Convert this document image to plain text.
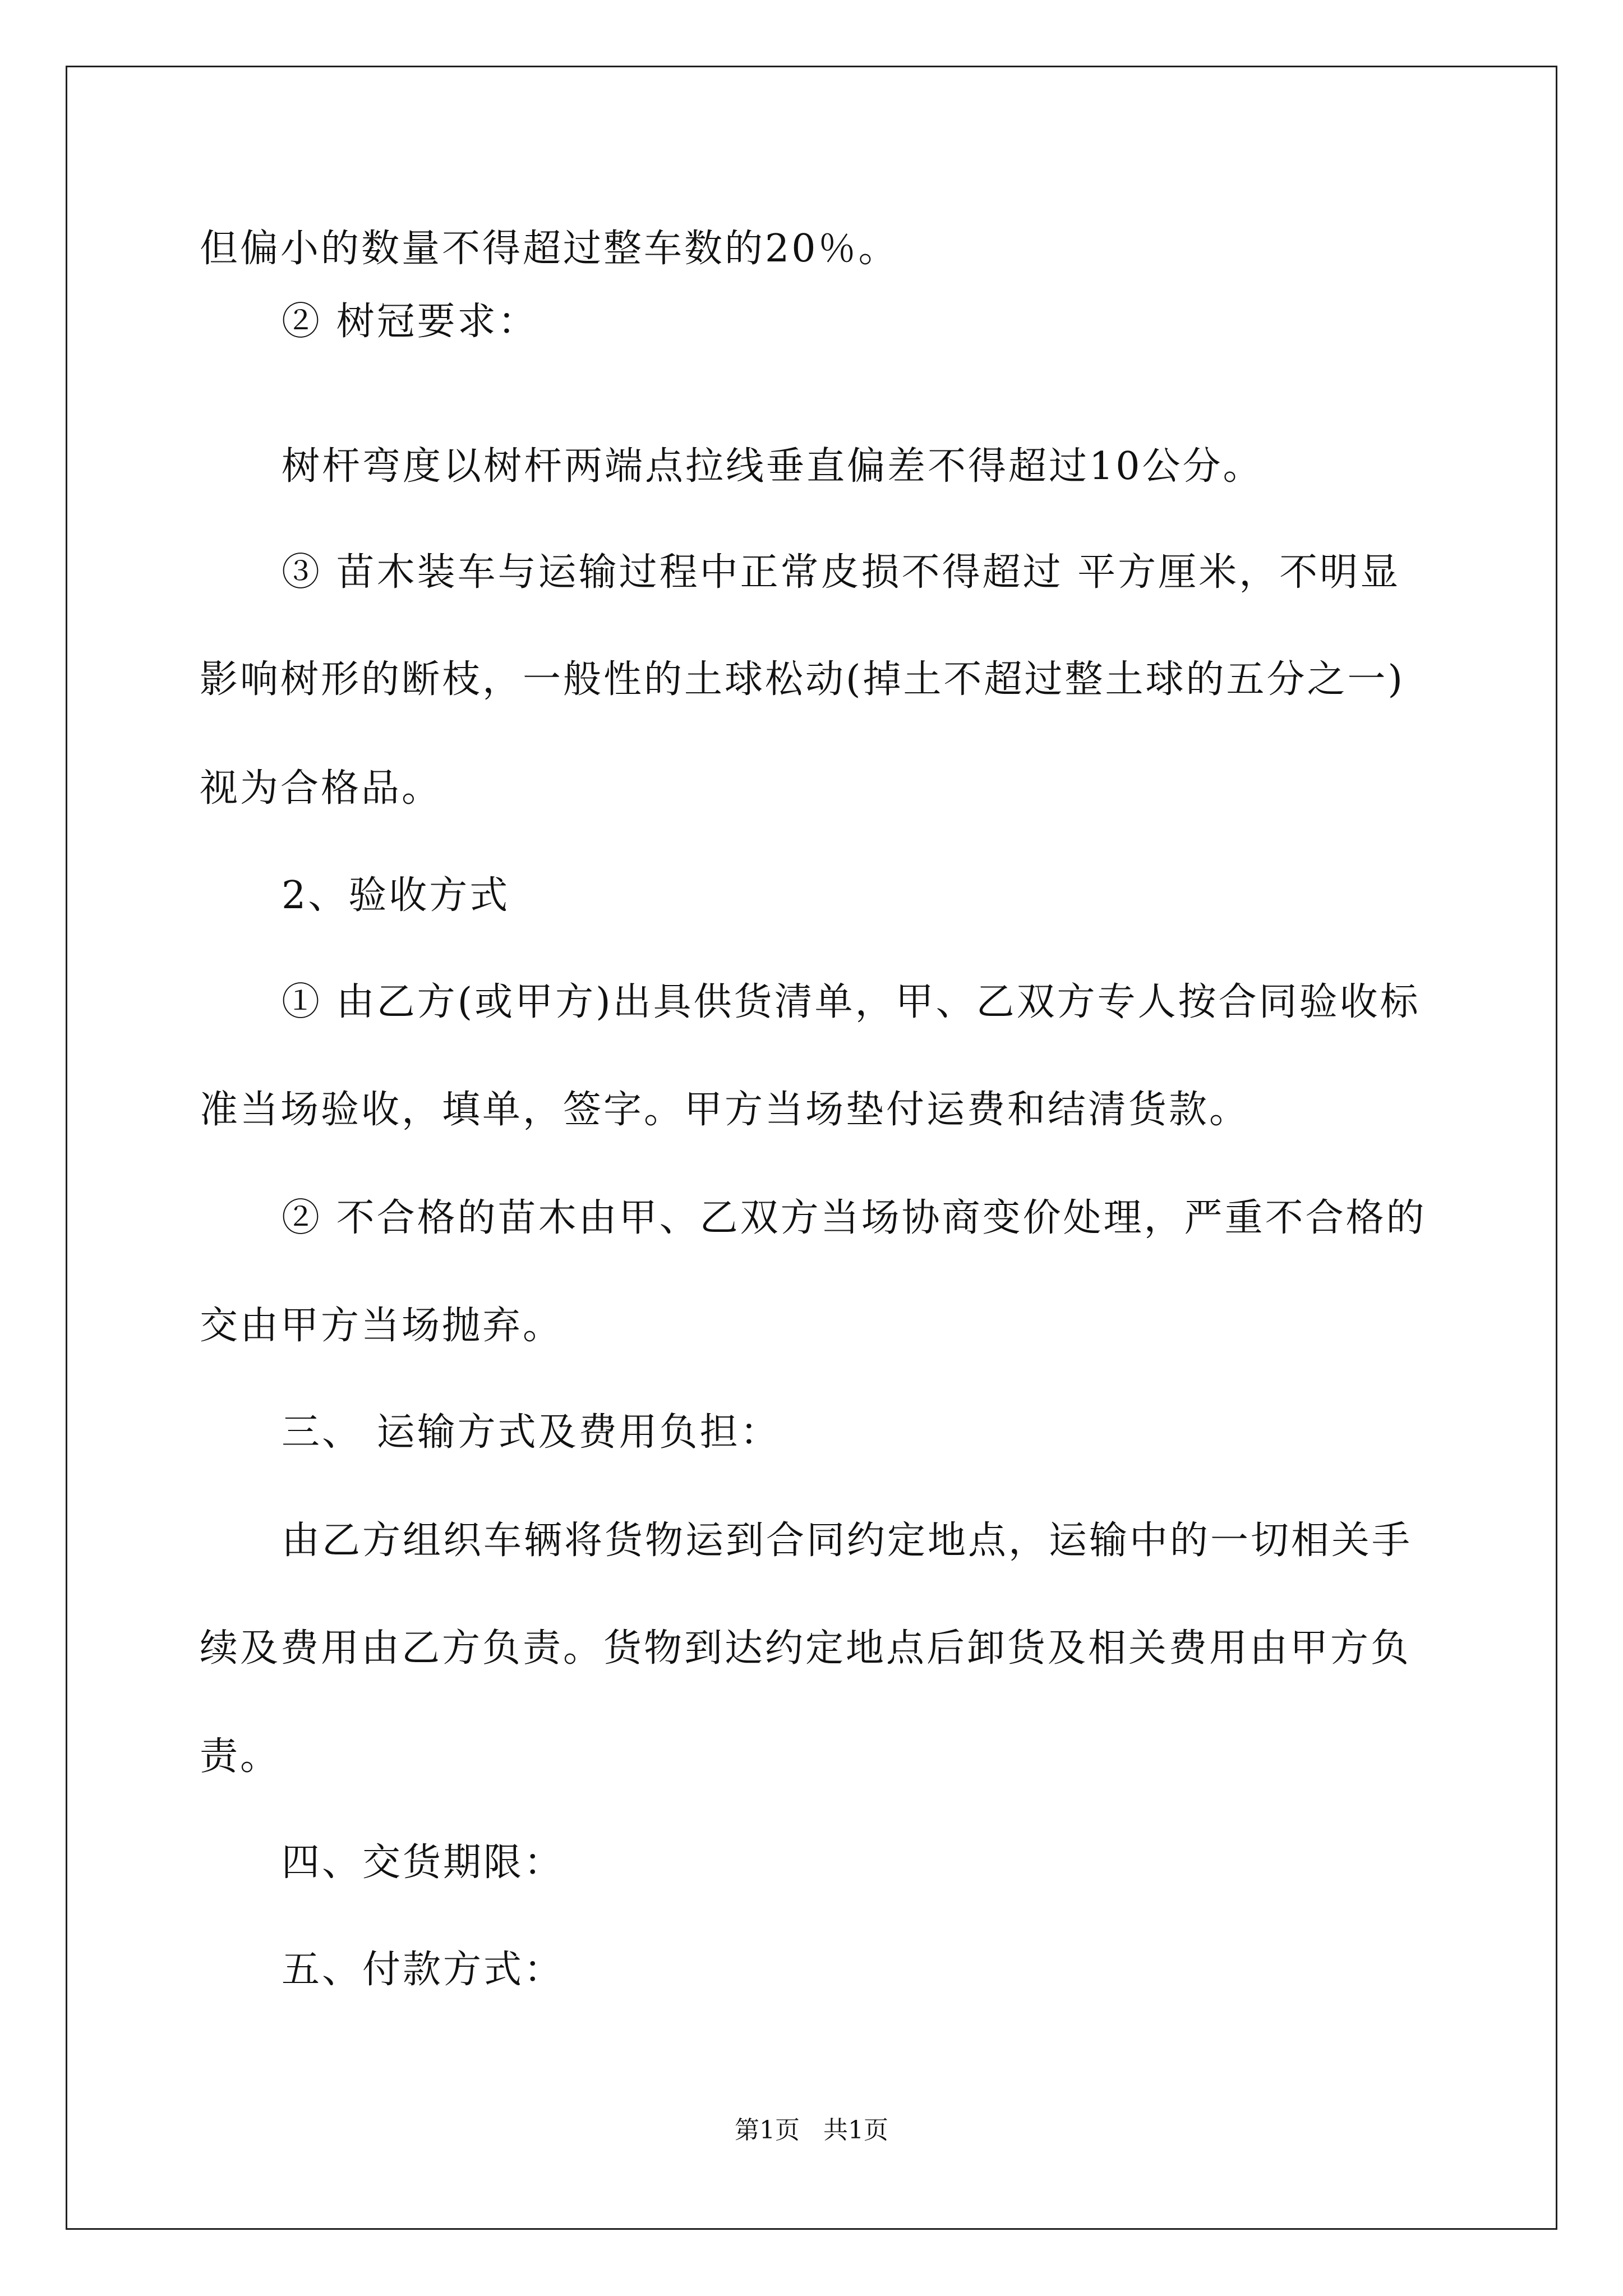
但偏小的数量不得超过整车数的20％。
② 树冠要求：
树杆弯度以树杆两端点拉线垂直偏差不得超过10公分。
③ 苗木装车与运输过程中正常皮损不得超过 平方厘米，不明显
影响树形的断枝，一般性的土球松动(掉土不超过整土球的五分之一)
视为合格品。
2、验收方式
① 由乙方(或甲方)出具供货清单，甲、乙双方专人按合同验收标
准当场验收，填单，签字。甲方当场垫付运费和结清货款。
② 不合格的苗木由甲、乙双方当场协商变价处理，严重不合格的
交由甲方当场抛弃。
三、 运输方式及费用负担：
由乙方组织车辆将货物运到合同约定地点，运输中的一切相关手
续及费用由乙方负责。货物到达约定地点后卸货及相关费用由甲方负
责。
四、交货期限：
五、付款方式：
第1页   共1页
